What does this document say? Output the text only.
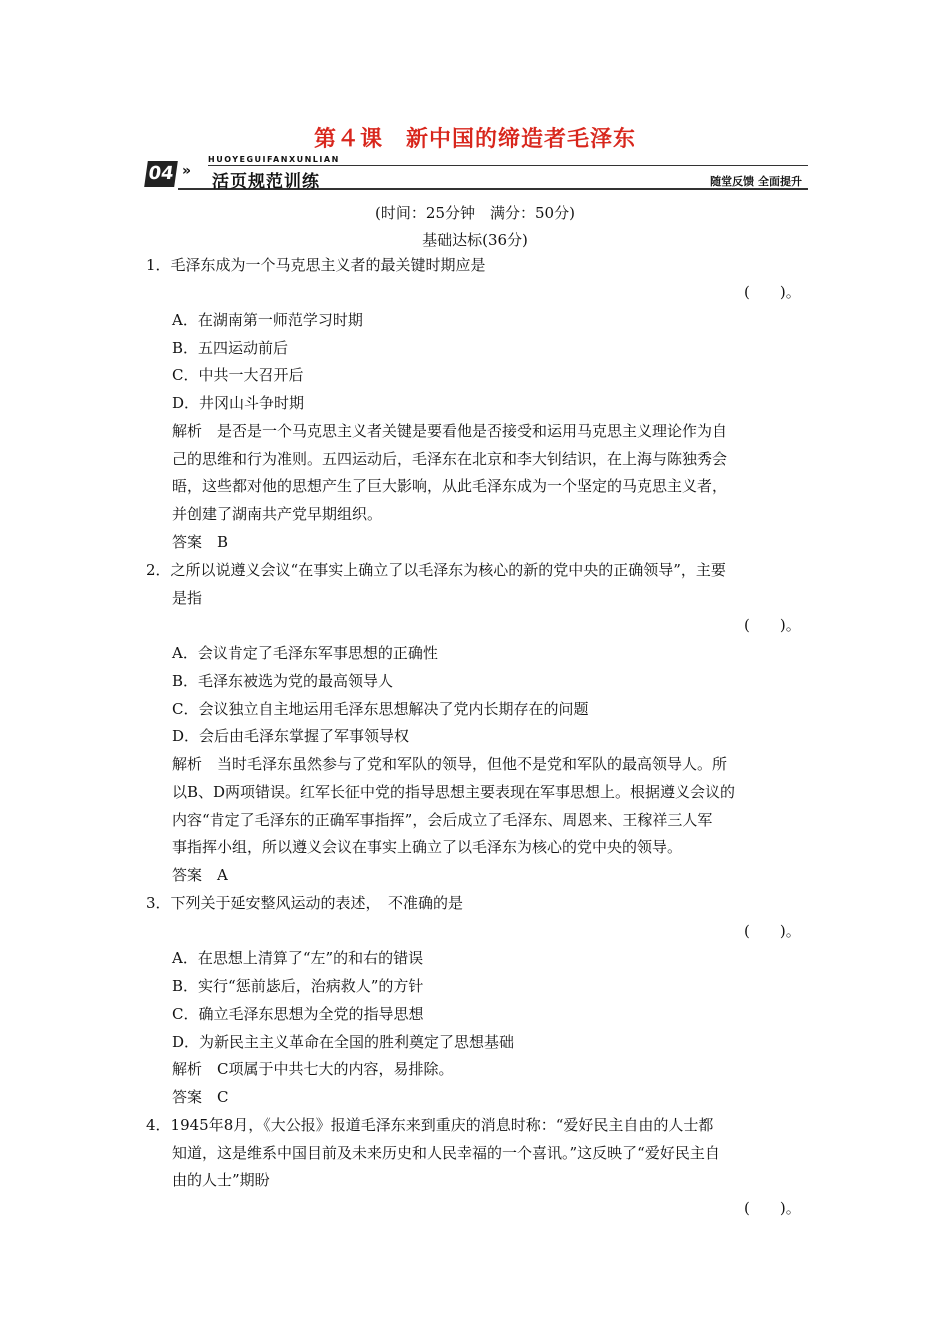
第４课　新中国的缔造者毛泽东
04 »
HUOYEGUIFANXUNLIAN
活页规范训练	随堂反馈 全面提升
(时间：25分钟　满分：50分)
基础达标(36分)
1．毛泽东成为一个马克思主义者的最关键时期应是
(　　)。
A．在湖南第一师范学习时期
B．五四运动前后
C．中共一大召开后
D．井冈山斗争时期
解析　是否是一个马克思主义者关键是要看他是否接受和运用马克思主义理论作为自
己的思维和行为准则。五四运动后，毛泽东在北京和李大钊结识，在上海与陈独秀会
晤，这些都对他的思想产生了巨大影响，从此毛泽东成为一个坚定的马克思主义者，
并创建了湖南共产党早期组织。
答案　B
2．之所以说遵义会议“在事实上确立了以毛泽东为核心的新的党中央的正确领导”，主要
是指
(　　)。
A．会议肯定了毛泽东军事思想的正确性
B．毛泽东被选为党的最高领导人
C．会议独立自主地运用毛泽东思想解决了党内长期存在的问题
D．会后由毛泽东掌握了军事领导权
解析　当时毛泽东虽然参与了党和军队的领导，但他不是党和军队的最高领导人。所
以B、D两项错误。红军长征中党的指导思想主要表现在军事思想上。根据遵义会议的
内容“肯定了毛泽东的正确军事指挥”，会后成立了毛泽东、周恩来、王稼祥三人军
事指挥小组，所以遵义会议在事实上确立了以毛泽东为核心的党中央的领导。
答案　A
3．下列关于延安整风运动的表述，　不准确的是
(　　)。
A．在思想上清算了“左”的和右的错误
B．实行“惩前毖后，治病救人”的方针
C．确立毛泽东思想为全党的指导思想
D．为新民主主义革命在全国的胜利奠定了思想基础
解析　C项属于中共七大的内容，易排除。
答案　C
4．1945年8月，《大公报》报道毛泽东来到重庆的消息时称：“爱好民主自由的人士都
知道，这是维系中国目前及未来历史和人民幸福的一个喜讯。”这反映了“爱好民主自
由的人士”期盼
(　　)。
